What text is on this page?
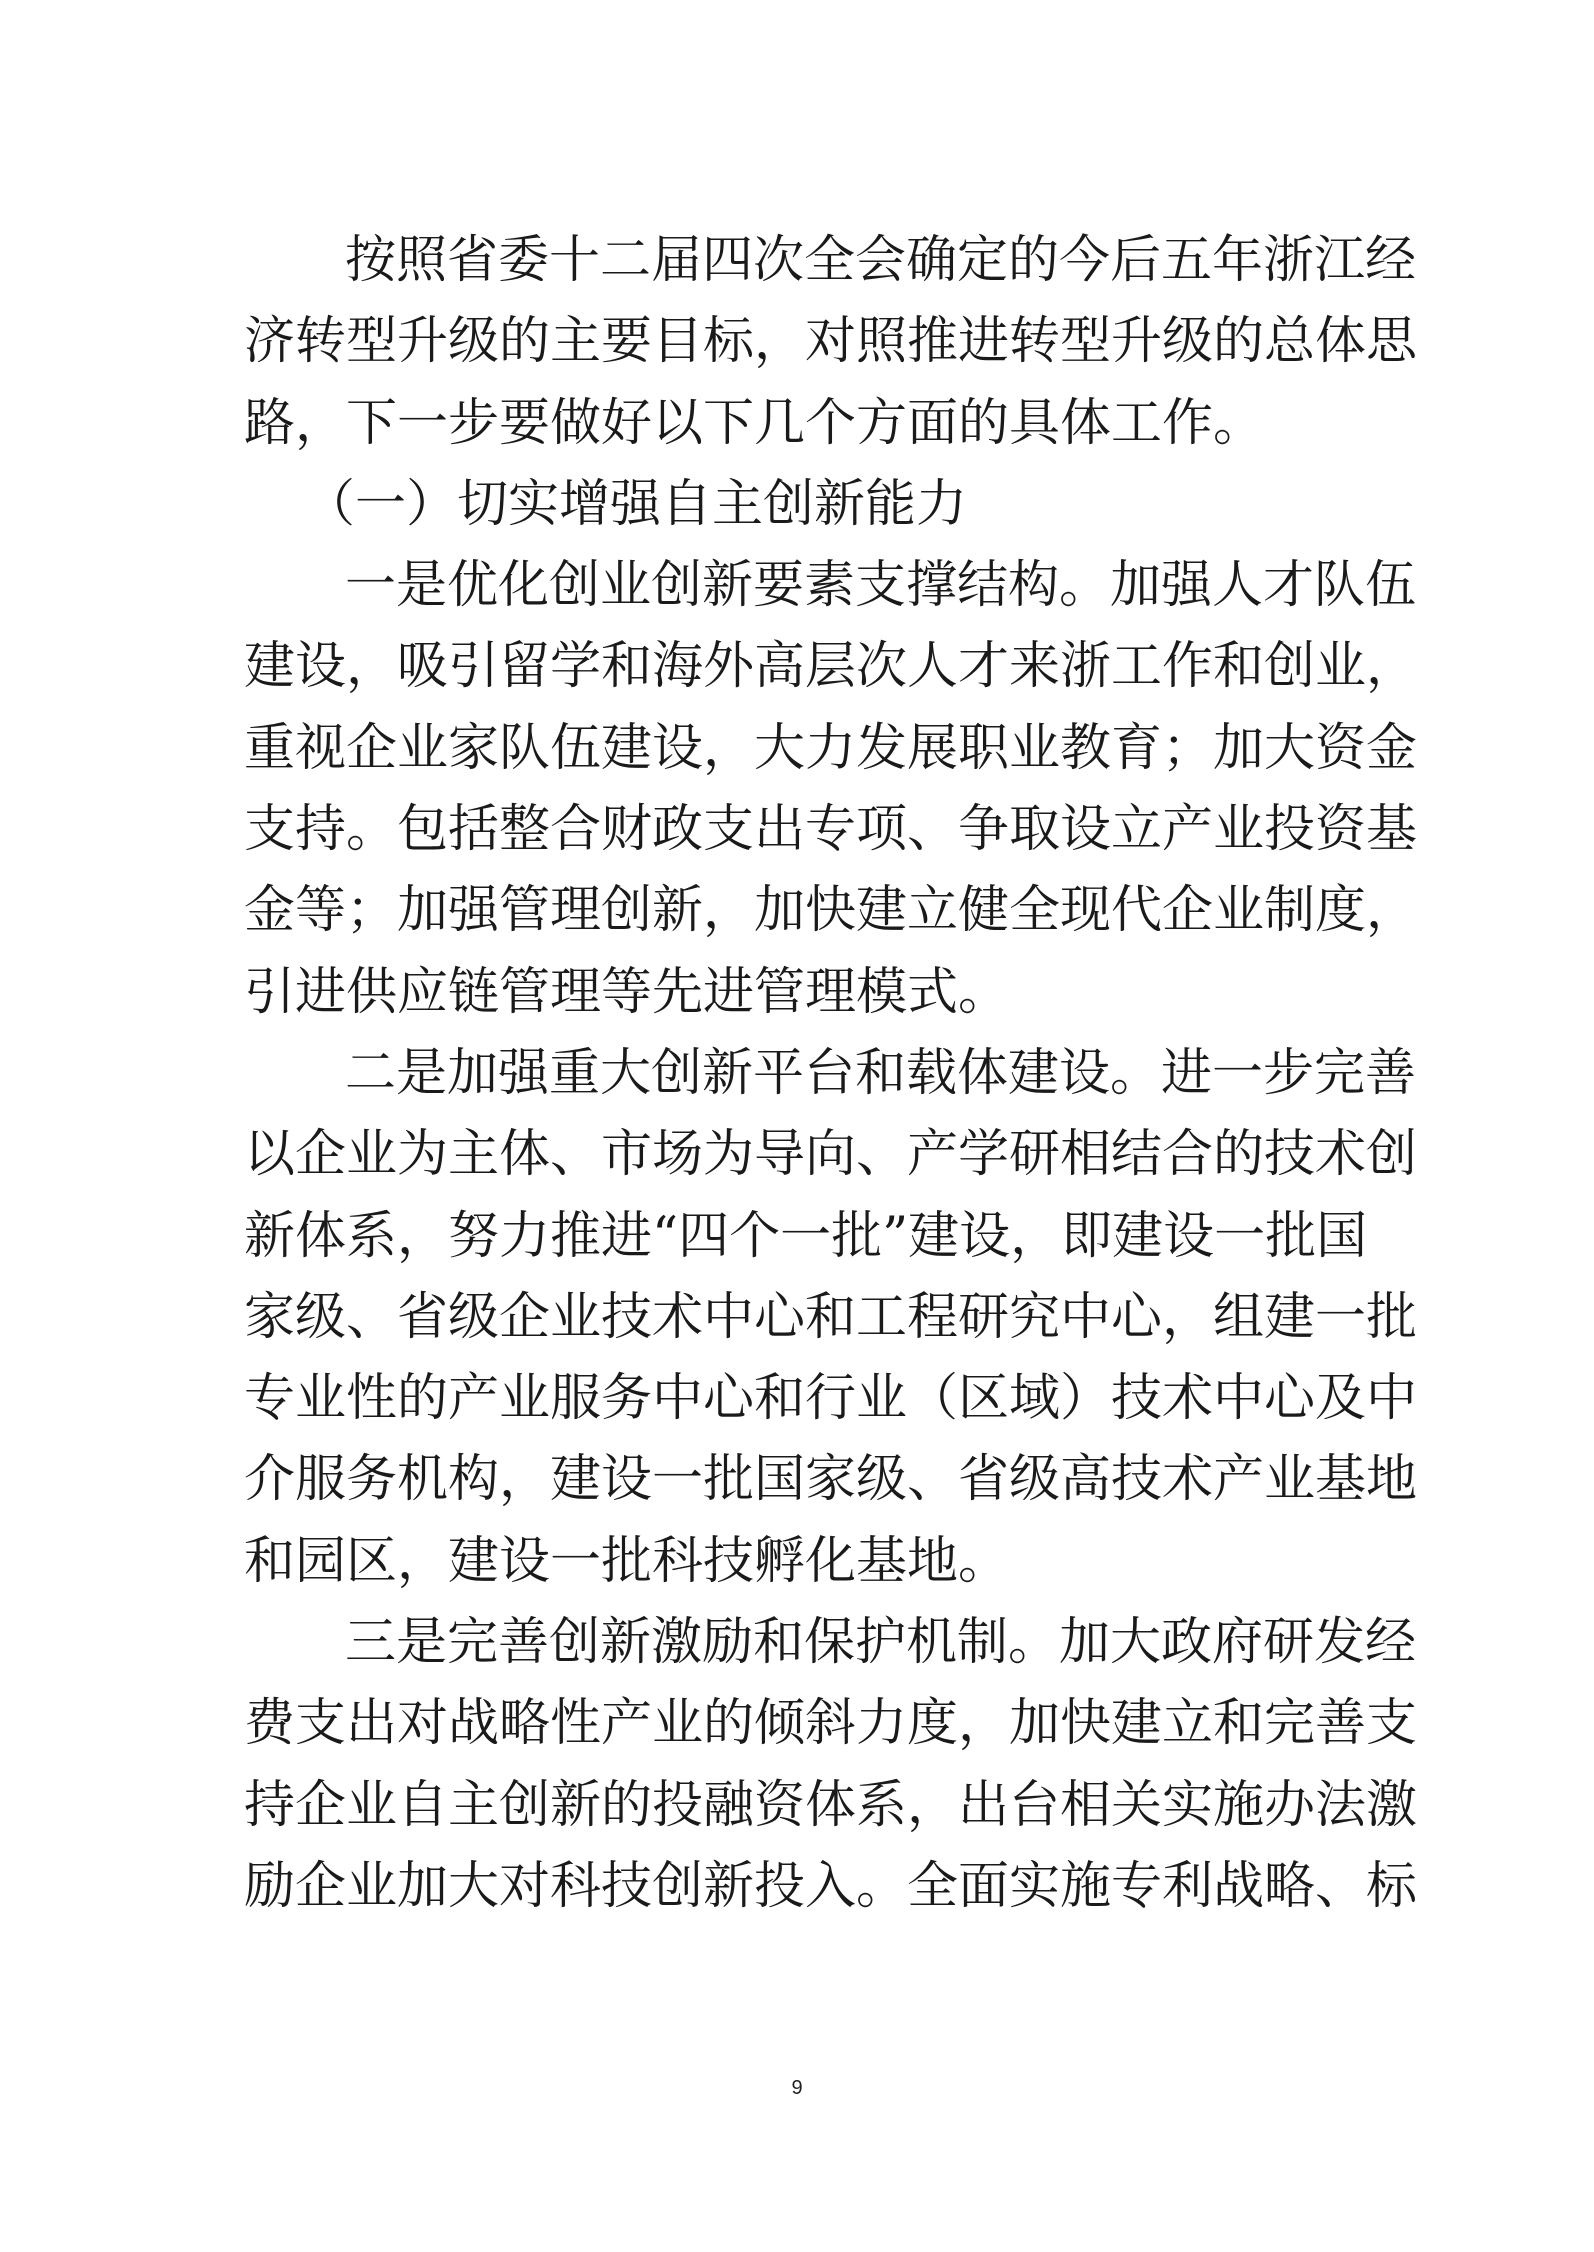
按照省委十二届四次全会确定的今后五年浙江经
济转型升级的主要目标，对照推进转型升级的总体思
路，下一步要做好以下几个方面的具体工作。
（一）切实增强自主创新能力
一是优化创业创新要素支撑结构。加强人才队伍
建设，吸引留学和海外高层次人才来浙工作和创业，
重视企业家队伍建设，大力发展职业教育；加大资金
支持。包括整合财政支出专项、争取设立产业投资基
金等；加强管理创新，加快建立健全现代企业制度，
引进供应链管理等先进管理模式。
二是加强重大创新平台和载体建设。进一步完善
以企业为主体、市场为导向、产学研相结合的技术创
新体系，努力推进“四个一批”建设，即建设一批国
家级、省级企业技术中心和工程研究中心，组建一批
专业性的产业服务中心和行业（区域）技术中心及中
介服务机构，建设一批国家级、省级高技术产业基地
和园区，建设一批科技孵化基地。
三是完善创新激励和保护机制。加大政府研发经
费支出对战略性产业的倾斜力度，加快建立和完善支
持企业自主创新的投融资体系，出台相关实施办法激
励企业加大对科技创新投入。全面实施专利战略、标
9
